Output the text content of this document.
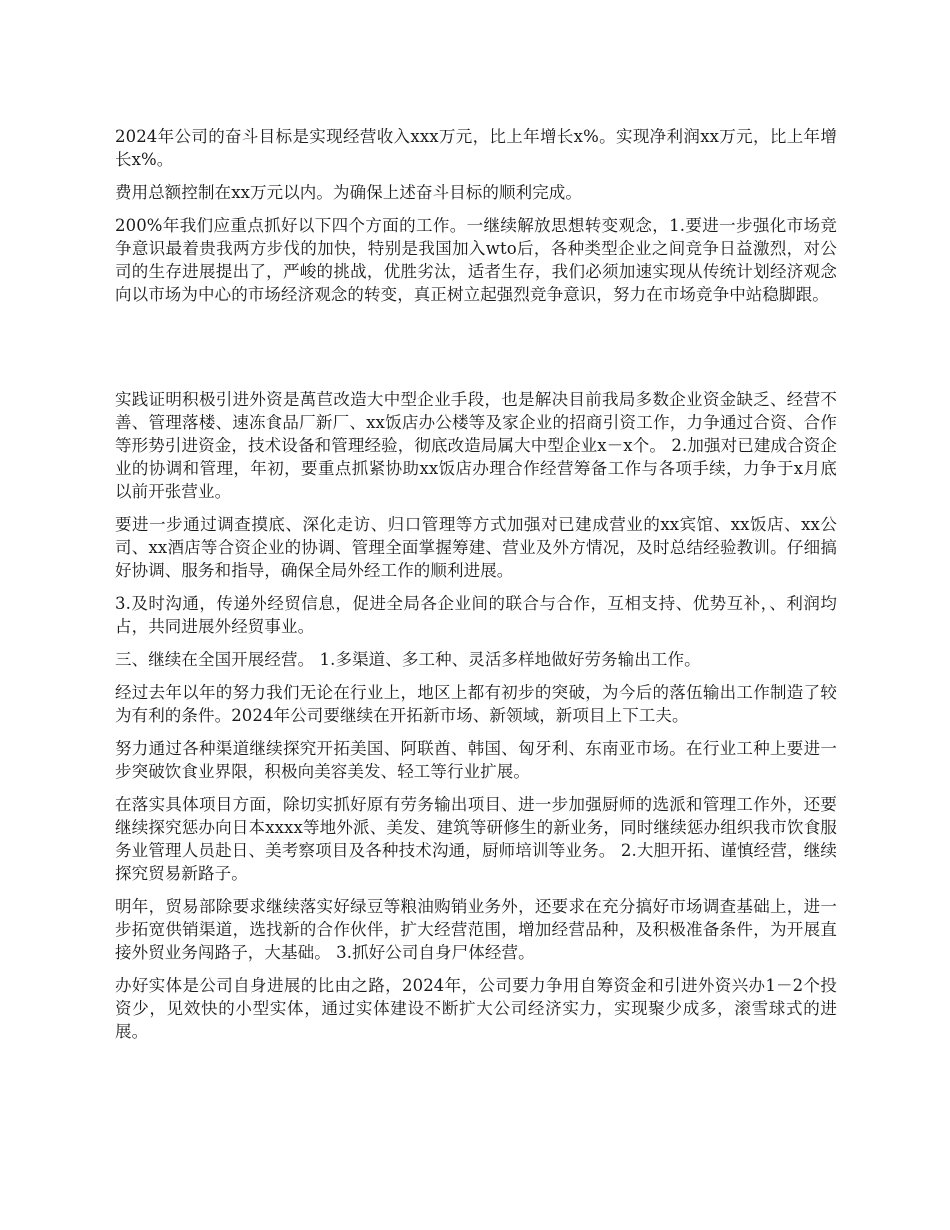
2024年公司的奋斗目标是实现经营收入xxx万元，比上年增长x%。实现净利润xx万元，比上年增长x%。

费用总额控制在xx万元以内。为确保上述奋斗目标的顺利完成。

200%年我们应重点抓好以下四个方面的工作。一继续解放思想转变观念，1.要进一步强化市场竞争意识最着贵我两方步伐的加快，特别是我国加入wto后，各种类型企业之间竞争日益激烈，对公司的生存进展提出了，严峻的挑战，优胜劣汰，适者生存，我们必须加速实现从传统计划经济观念向以市场为中心的市场经济观念的转变，真正树立起强烈竞争意识，努力在市场竞争中站稳脚跟。

实践证明积极引进外资是萬苣改造大中型企业手段，也是解决目前我局多数企业资金缺乏、经营不善、管理落楼、速冻食品厂新厂、xx饭店办公楼等及家企业的招商引资工作，力争通过合资、合作等形势引进资金，技术设备和管理经验，彻底改造局属大中型企业x－x个。 2.加强对已建成合资企业的协调和管理，年初，要重点抓紧协助xx饭店办理合作经营筹备工作与各项手续，力争于x月底以前开张营业。

要进一步通过调查摸底、深化走访、归口管理等方式加强对已建成营业的xx宾馆、xx饭店、xx公司、xx酒店等合资企业的协调、管理全面掌握筹建、营业及外方情况，及时总结经验教训。仔细搞好协调、服务和指导，确保全局外经工作的顺利进展。

3.及时沟通，传递外经贸信息，促进全局各企业间的联合与合作，互相支持、优势互补，、利润均占，共同进展外经贸事业。

三、继续在全国开展经营。 1.多渠道、多工种、灵活多样地做好劳务输出工作。

经过去年以年的努力我们无论在行业上，地区上都有初步的突破，为今后的落伍输出工作制造了较为有利的条件。2024年公司要继续在开拓新市场、新领域，新项目上下工夫。

努力通过各种渠道继续探究开拓美国、阿联酋、韩国、匈牙利、东南亚市场。在行业工种上要进一步突破饮食业界限，积极向美容美发、轻工等行业扩展。

在落实具体项目方面，除切实抓好原有劳务输出项目、进一步加强厨师的选派和管理工作外，还要继续探究惩办向日本xxxx等地外派、美发、建筑等研修生的新业务，同时继续惩办组织我市饮食服务业管理人员赴日、美考察项目及各种技术沟通，厨师培训等业务。 2.大胆开拓、谨慎经营，继续探究贸易新路子。

明年，贸易部除要求继续落实好绿豆等粮油购销业务外，还要求在充分搞好市场调查基础上，进一步拓宽供销渠道，选找新的合作伙伴，扩大经营范围，增加经营品种，及积极准备条件，为开展直接外贸业务闯路子，大基础。 3.抓好公司自身尸体经营。

办好实体是公司自身进展的比由之路，2024年，公司要力争用自筹资金和引进外资兴办1－2个投资少，见效快的小型实体，通过实体建设不断扩大公司经济实力，实现聚少成多，滚雪球式的进展。
